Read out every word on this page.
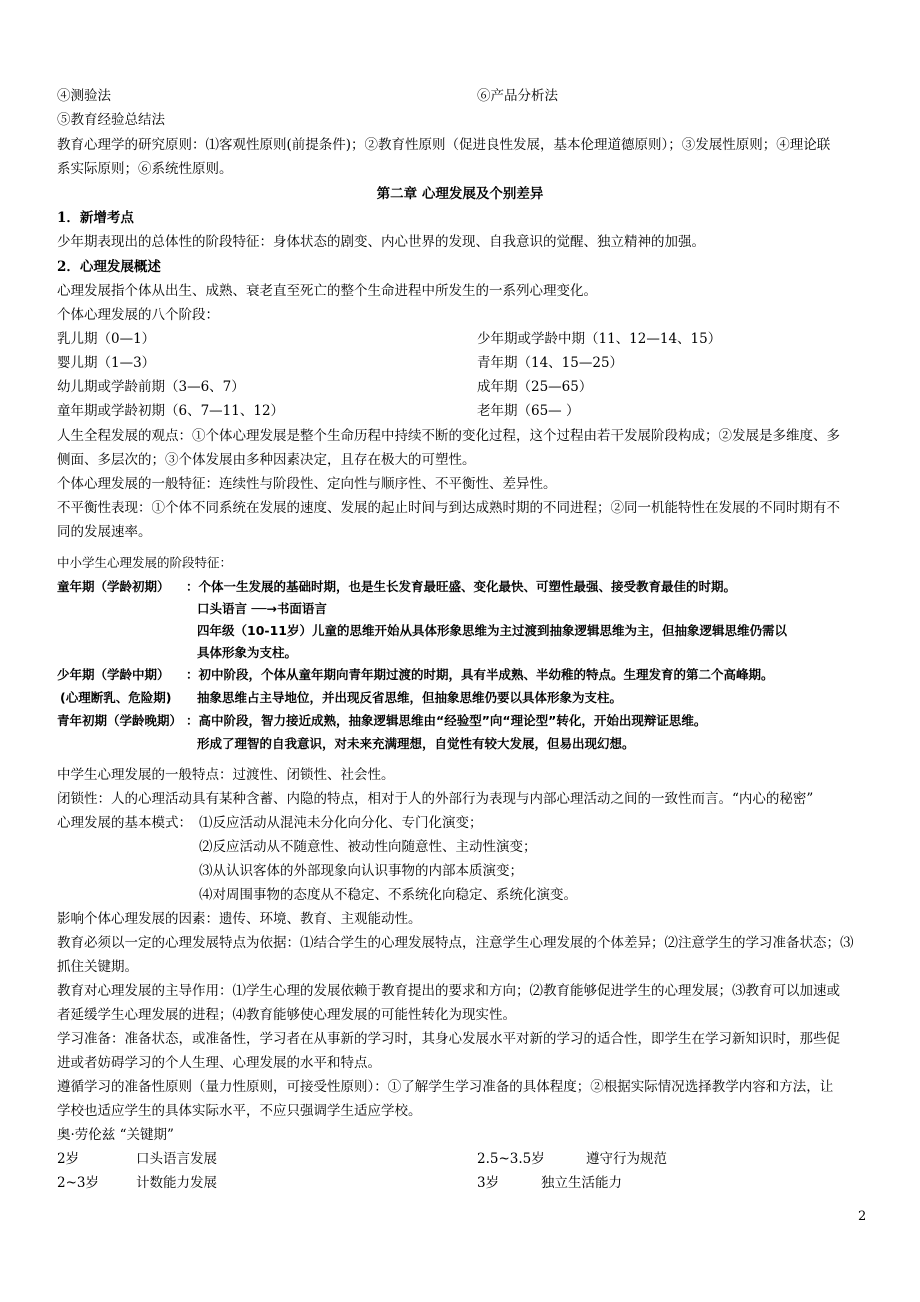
④测验法	⑥产品分析法
⑤教育经验总结法
教育心理学的研究原则：⑴客观性原则(前提条件)；②教育性原则（促进良性发展，基本伦理道德原则）；③发展性原则；④理论联
系实际原则；⑥系统性原则。
第二章 心理发展及个别差异
1．新增考点
少年期表现出的总体性的阶段特征：身体状态的剧变、内心世界的发现、自我意识的觉醒、独立精神的加强。
2．心理发展概述
心理发展指个体从出生、成熟、衰老直至死亡的整个生命进程中所发生的一系列心理变化。
个体心理发展的八个阶段：
乳儿期（0—1）	少年期或学龄中期（11、12—14、15）
婴儿期（1—3）	青年期（14、15—25）
幼儿期或学龄前期（3—6、7）	成年期（25—65）
童年期或学龄初期（6、7—11、12）	老年期（65— ）
人生全程发展的观点：①个体心理发展是整个生命历程中持续不断的变化过程，这个过程由若干发展阶段构成；②发展是多维度、多
侧面、多层次的；③个体发展由多种因素决定，且存在极大的可塑性。
个体心理发展的一般特征：连续性与阶段性、定向性与顺序性、不平衡性、差异性。
不平衡性表现：①个体不同系统在发展的速度、发展的起止时间与到达成熟时期的不同进程；②同一机能特性在发展的不同时期有不
同的发展速率。
中小学生心理发展的阶段特征：
童年期（学龄初期） ：个体一生发展的基础时期，也是生长发育最旺盛、变化最快、可塑性最强、接受教育最佳的时期。
口头语言 ──→书面语言
四年级（10-11岁）儿童的思维开始从具体形象思维为主过渡到抽象逻辑思维为主，但抽象逻辑思维仍需以
具体形象为支柱。
少年期（学龄中期） ：初中阶段，个体从童年期向青年期过渡的时期，具有半成熟、半幼稚的特点。生理发育的第二个高峰期。
(心理断乳、危险期) 抽象思维占主导地位，并出现反省思维，但抽象思维仍要以具体形象为支柱。
青年初期（学龄晚期） ：高中阶段，智力接近成熟，抽象逻辑思维由“经验型”向“理论型”转化，开始出现辩证思维。
形成了理智的自我意识，对未来充满理想，自觉性有较大发展，但易出现幻想。
中学生心理发展的一般特点：过渡性、闭锁性、社会性。
闭锁性：人的心理活动具有某种含蓄、内隐的特点，相对于人的外部行为表现与内部心理活动之间的一致性而言。“内心的秘密”
心理发展的基本模式： ⑴反应活动从混沌未分化向分化、专门化演变；
⑵反应活动从不随意性、被动性向随意性、主动性演变；
⑶从认识客体的外部现象向认识事物的内部本质演变；
⑷对周围事物的态度从不稳定、不系统化向稳定、系统化演变。
影响个体心理发展的因素：遗传、环境、教育、主观能动性。
教育必须以一定的心理发展特点为依据：⑴结合学生的心理发展特点，注意学生心理发展的个体差异；⑵注意学生的学习准备状态；⑶
抓住关键期。
教育对心理发展的主导作用：⑴学生心理的发展依赖于教育提出的要求和方向；⑵教育能够促进学生的心理发展；⑶教育可以加速或
者延缓学生心理发展的进程；⑷教育能够使心理发展的可能性转化为现实性。
学习准备：准备状态，或准备性，学习者在从事新的学习时，其身心发展水平对新的学习的适合性，即学生在学习新知识时，那些促
进或者妨碍学习的个人生理、心理发展的水平和特点。
遵循学习的准备性原则（量力性原则，可接受性原则）：①了解学生学习准备的具体程度；②根据实际情况选择教学内容和方法，让
学校也适应学生的具体实际水平，不应只强调学生适应学校。
奥·劳伦兹 “关键期”
2岁	口头语言发展	2.5~3.5岁	遵守行为规范
2~3岁	计数能力发展	3岁	独立生活能力
2
